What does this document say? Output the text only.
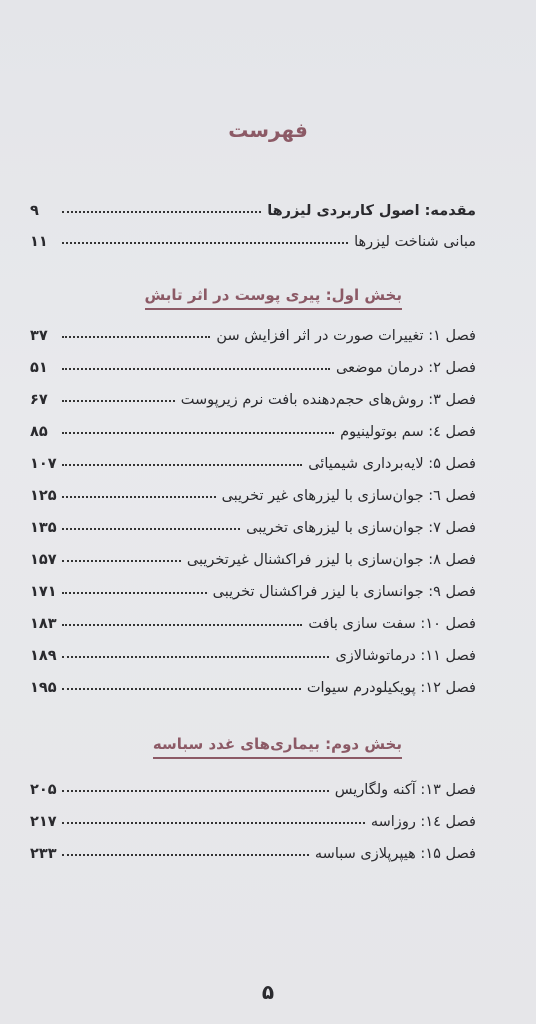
فهرست
مقدمه: اصول کاربردی لیزرها
۹
مبانی شناخت لیزرها
۱۱
بخش اول: پیری پوست در اثر تابش
فصل ۱: تغییرات صورت در اثر افزایش سن
۳۷
فصل ۲: درمان موضعی
۵۱
فصل ۳: روش‌های حجم‌دهنده بافت نرم زیرپوست
۶۷
فصل ٤: سم بوتولینیوم
۸۵
فصل ۵: لایه‌برداری شیمیائی
۱۰۷
فصل ٦: جوان‌سازی با لیزرهای غیر تخریبی
۱۲۵
فصل ۷: جوان‌سازی با لیزرهای تخریبی
۱۳۵
فصل ۸: جوان‌سازی با لیزر فراکشنال غیرتخریبی
۱۵۷
فصل ۹: جوانسازی با لیزر فراکشنال تخریبی
۱۷۱
فصل ۱۰: سفت سازی بافت
۱۸۳
فصل ۱۱: درماتوشالازی
۱۸۹
فصل ۱۲: پویکیلودرم سیوات
۱۹۵
بخش دوم: بیماری‌های غدد سباسه
فصل ۱۳: آکنه ولگاریس
۲۰۵
فصل ١٤: روزاسه
۲۱۷
فصل ۱۵: هیپرپلازی سباسه
۲۳۳
۵
